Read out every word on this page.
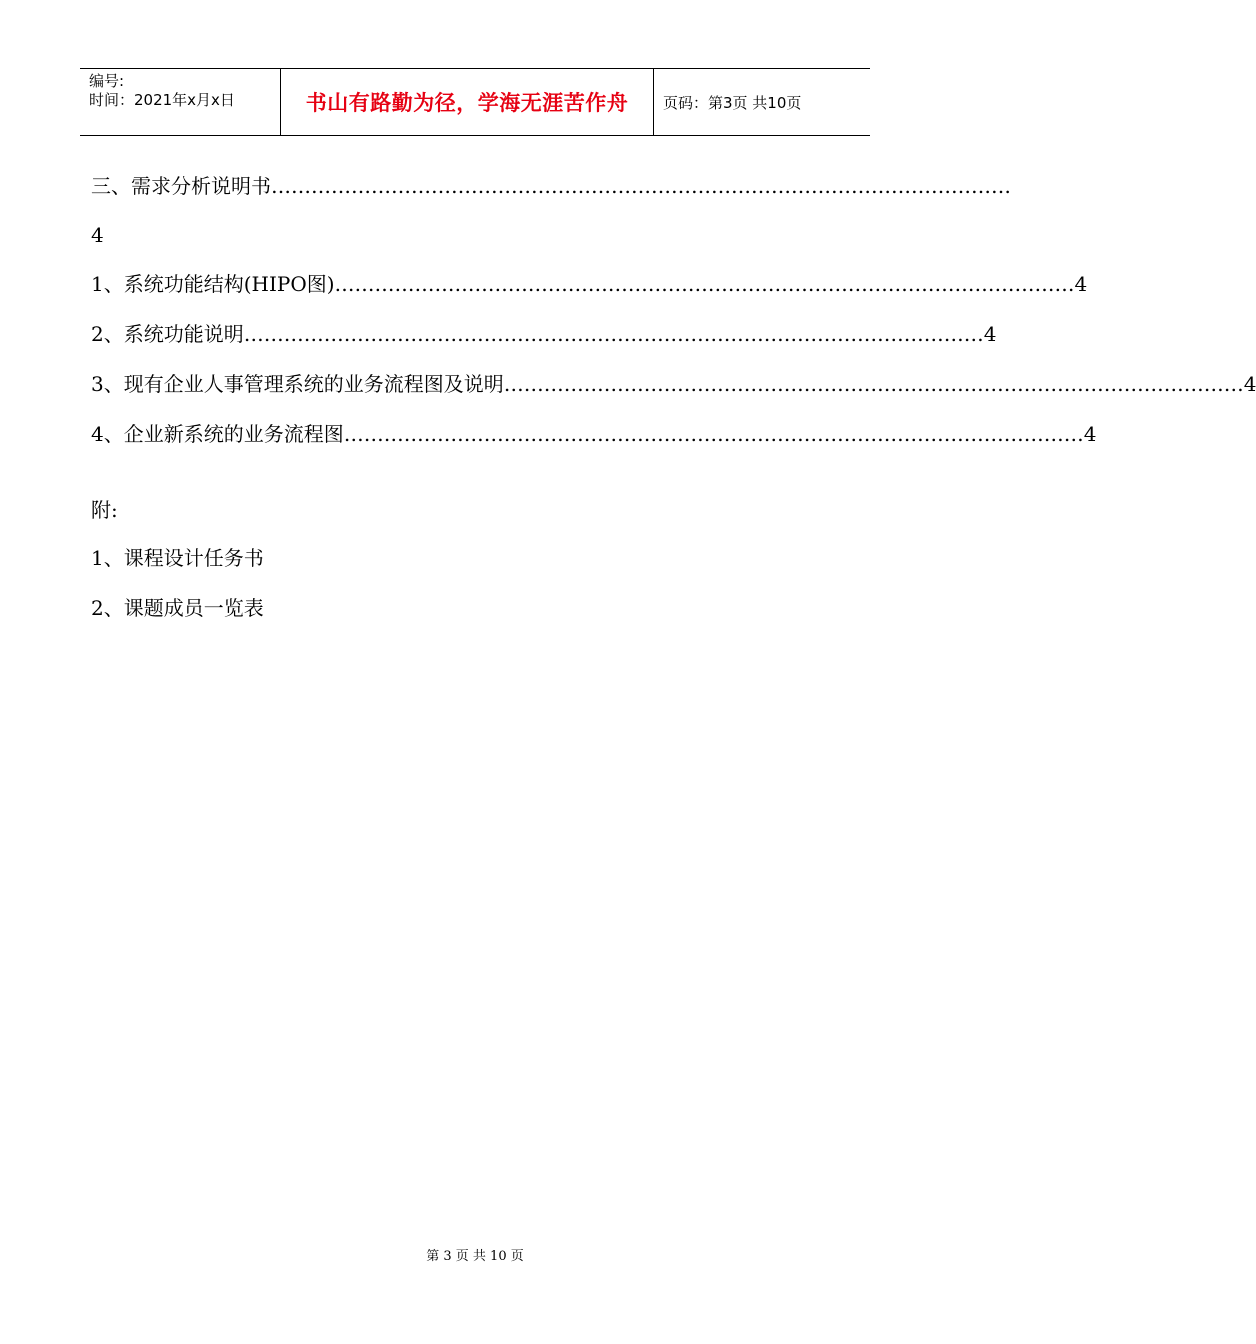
编号:
时间：2021年x月x日	书山有路勤为径，学海无涯苦作舟	页码：第3页 共10页
三、需求分析说明书 …………………………………………………………………………………………………
4
1、系统功能结构(HIPO图) ………………………………………………………………………………………………… 4
2、系统功能说明 ………………………………………………………………………………………………… 4
3、现有企业人事管理系统的业务流程图及说明 ………………………………………………………………………………………………… 4
4、企业新系统的业务流程图 ………………………………………………………………………………………………… 4
附:
1、课程设计任务书
2、课题成员一览表
第 3 页 共 10 页
